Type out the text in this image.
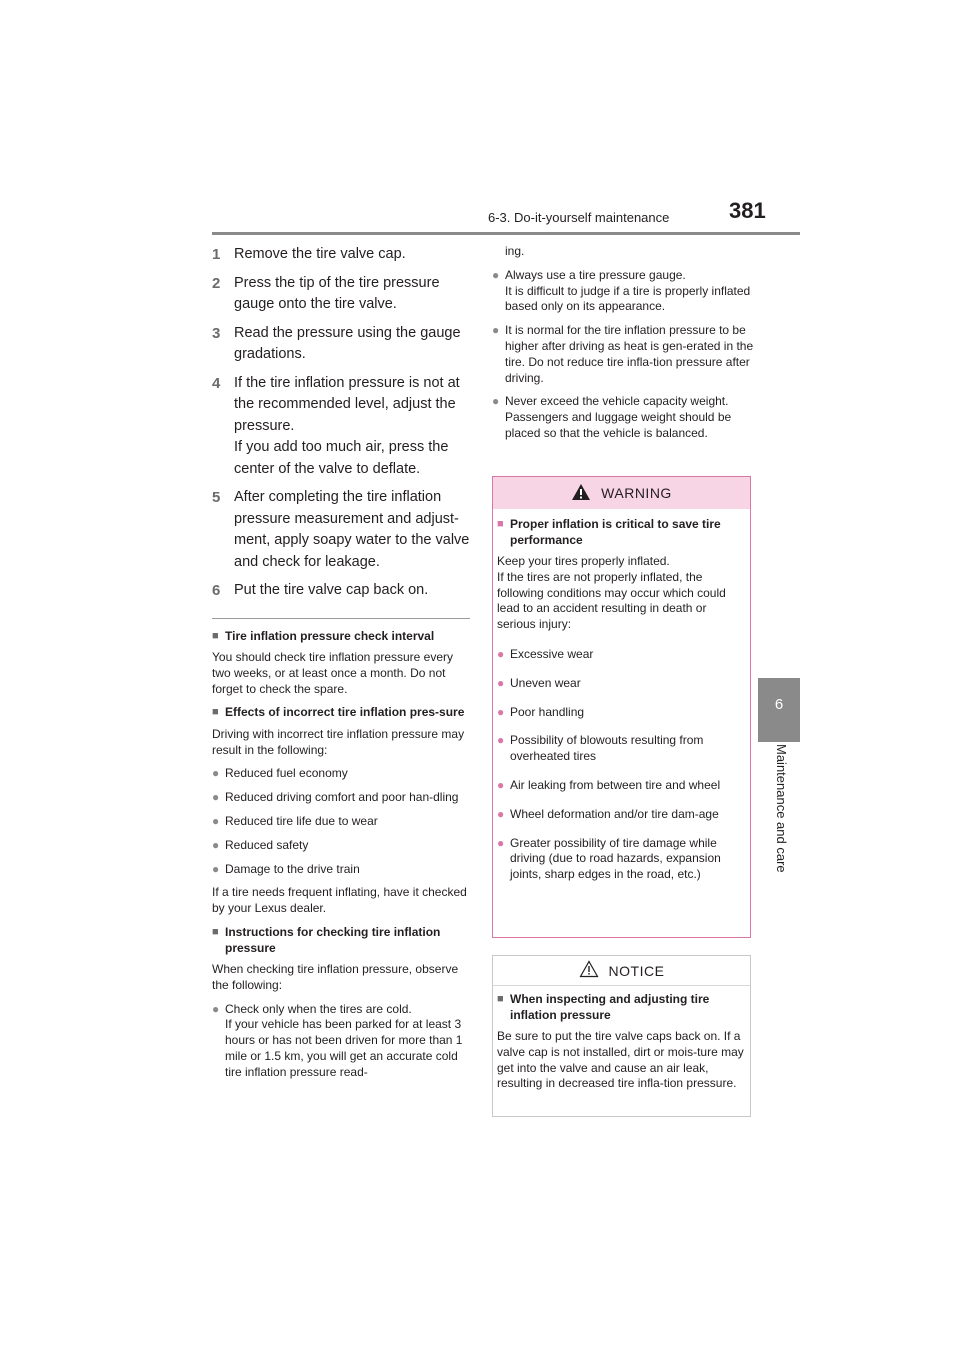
6-3. Do-it-yourself maintenance	381
6
Maintenance and care
1 Remove the tire valve cap.

2 Press the tip of the tire pressure gauge onto the tire valve.

3 Read the pressure using the gauge gradations.

4 If the tire inflation pressure is not at the recommended level, adjust the pressure.

If you add too much air, press the center of the valve to deflate.

5 After completing the tire inflation pressure measurement and adjust-ment, apply soapy water to the valve and check for leakage.

6 Put the tire valve cap back on.

■ Tire inflation pressure check interval

You should check tire inflation pressure every two weeks, or at least once a month. Do not forget to check the spare.

■ Effects of incorrect tire inflation pres-sure

Driving with incorrect tire inflation pressure may result in the following:

● Reduced fuel economy
● Reduced driving comfort and poor han-dling
● Reduced tire life due to wear
● Reduced safety
● Damage to the drive train

If a tire needs frequent inflating, have it checked by your Lexus dealer.

■ Instructions for checking tire inflation pressure

When checking tire inflation pressure, observe the following:

● Check only when the tires are cold.
If your vehicle has been parked for at least 3 hours or has not been driven for more than 1 mile or 1.5 km, you will get an accurate cold tire inflation pressure read-

ing.

● Always use a tire pressure gauge.
It is difficult to judge if a tire is properly inflated based only on its appearance.
● It is normal for the tire inflation pressure to be higher after driving as heat is gen-erated in the tire. Do not reduce tire infla-tion pressure after driving.
● Never exceed the vehicle capacity weight.
Passengers and luggage weight should be placed so that the vehicle is balanced.
WARNING
■ Proper inflation is critical to save tire performance

Keep your tires properly inflated.
If the tires are not properly inflated, the following conditions may occur which could lead to an accident resulting in death or serious injury:

● Excessive wear
● Uneven wear
● Poor handling
● Possibility of blowouts resulting from overheated tires
● Air leaking from between tire and wheel
● Wheel deformation and/or tire dam-age
● Greater possibility of tire damage while driving (due to road hazards, expansion joints, sharp edges in the road, etc.)
NOTICE
■ When inspecting and adjusting tire inflation pressure

Be sure to put the tire valve caps back on. If a valve cap is not installed, dirt or mois-ture may get into the valve and cause an air leak, resulting in decreased tire infla-tion pressure.
